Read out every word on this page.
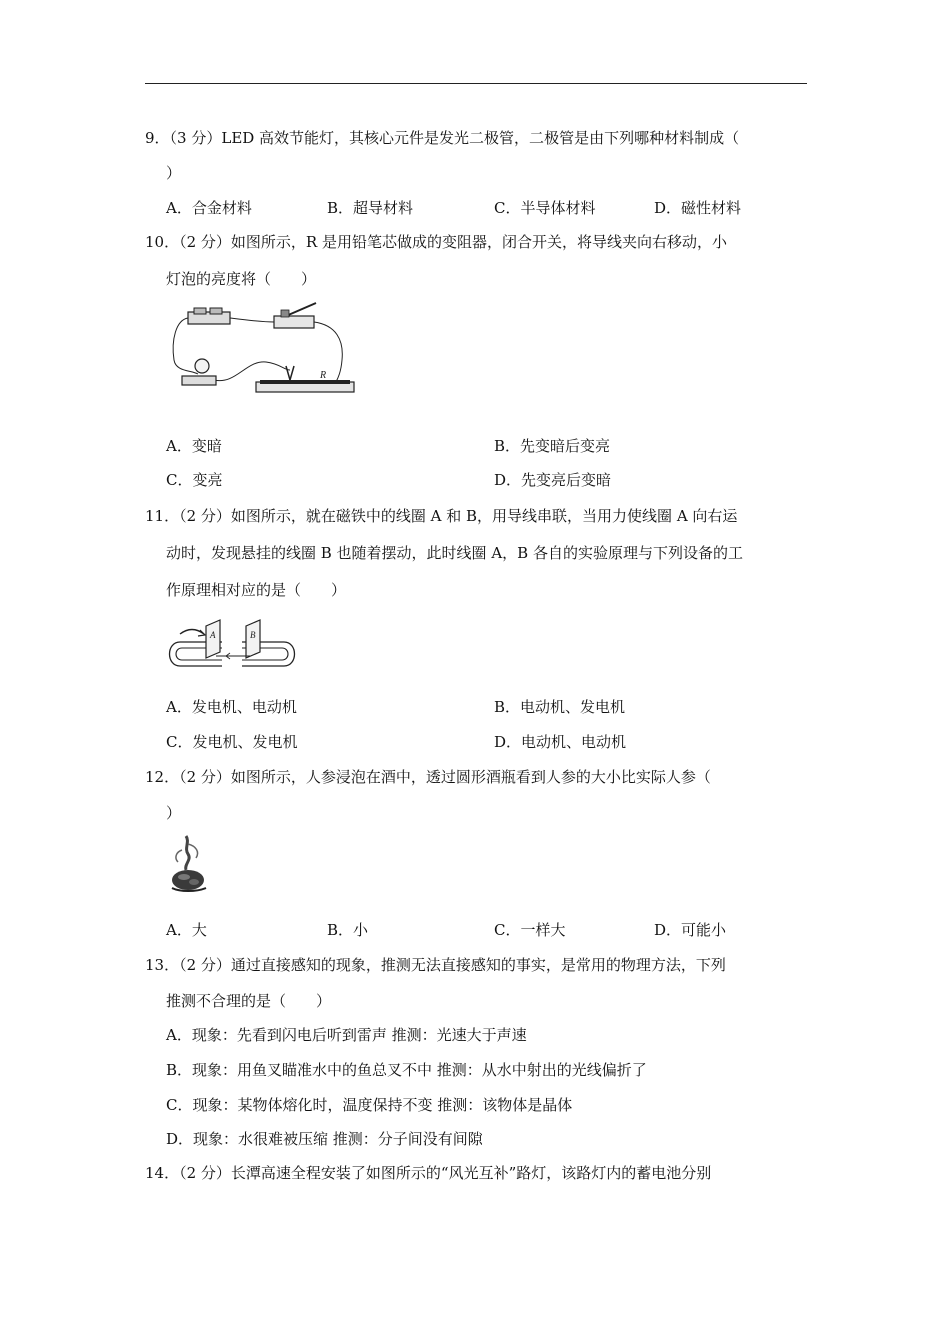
9．（3 分）LED 高效节能灯，其核心元件是发光二极管，二极管是由下列哪种材料制成（
）
A．合金材料	B．超导材料	C．半导体材料	D．磁性材料
10．（2 分）如图所示，R 是用铅笔芯做成的变阻器，闭合开关，将导线夹向右移动，小
灯泡的亮度将（　　）
R
A．变暗	B．先变暗后变亮
C．变亮	D．先变亮后变暗
11．（2 分）如图所示，就在磁铁中的线圈 A 和 B，用导线串联，当用力使线圈 A 向右运
动时，发现悬挂的线圈 B 也随着摆动，此时线圈 A，B 各自的实验原理与下列设备的工
作原理相对应的是（　　）
A	B
A．发电机、电动机	B．电动机、发电机
C．发电机、发电机	D．电动机、电动机
12．（2 分）如图所示，人参浸泡在酒中，透过圆形酒瓶看到人参的大小比实际人参（
）
A．大	B．小	C．一样大	D．可能小
13．（2 分）通过直接感知的现象，推测无法直接感知的事实，是常用的物理方法，下列
推测不合理的是（　　）
A．现象：先看到闪电后听到雷声 推测：光速大于声速
B．现象：用鱼叉瞄准水中的鱼总叉不中 推测：从水中射出的光线偏折了
C．现象：某物体熔化时，温度保持不变 推测：该物体是晶体
D．现象：水很难被压缩 推测：分子间没有间隙
14．（2 分）长潭高速全程安装了如图所示的“风光互补”路灯，该路灯内的蓄电池分别
